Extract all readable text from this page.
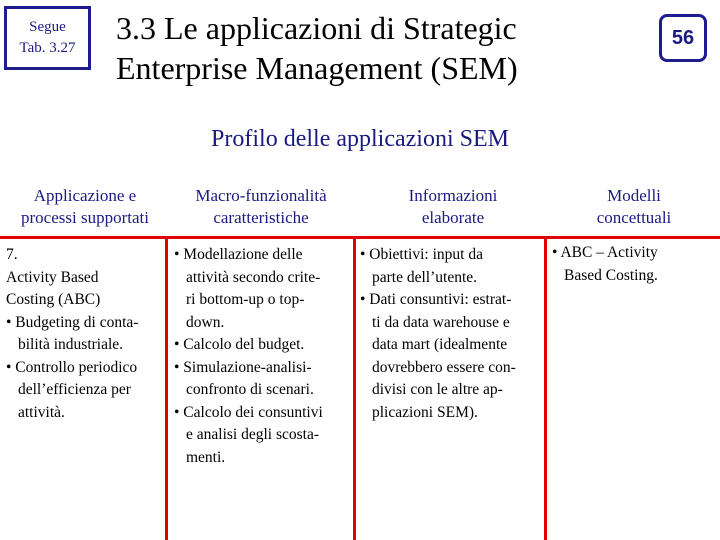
Segue
Tab. 3.27
3.3 Le applicazioni di Strategic
Enterprise Management (SEM)
56
Profilo delle applicazioni SEM
Applicazione e
processi supportati
Macro-funzionalità
caratteristiche
Informazioni
elaborate
Modelli
concettuali
7.
Activity Based
Costing (ABC)
• Budgeting di conta-
bilità industriale.
• Controllo periodico
dell’efficienza per
attività.
• Modellazione delle
attività secondo crite-
ri bottom-up o top-
down.
• Calcolo del budget.
• Simulazione-analisi-
confronto di scenari.
• Calcolo dei consuntivi
e analisi degli scosta-
menti.
• Obiettivi: input da
parte dell’utente.
• Dati consuntivi: estrat-
ti da data warehouse e
data mart (idealmente
dovrebbero essere con-
divisi con le altre ap-
plicazioni SEM).
• ABC – Activity
Based Costing.
